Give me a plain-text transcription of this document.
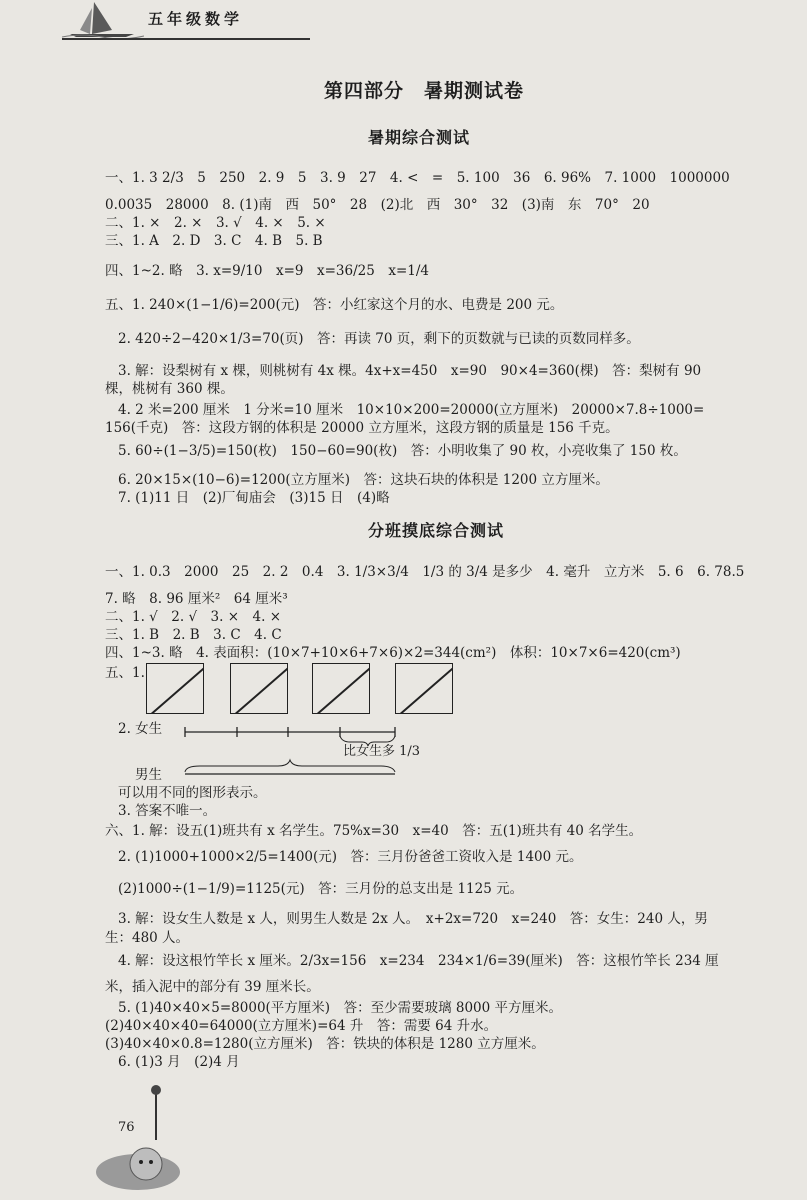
五年级数学
第四部分　暑期测试卷
暑期综合测试
一、1. 3 2/3　5　250　2. 9　5　3. 9　27　4. <　=　5. 100　36　6. 96%　7. 1000　1000000
0.0035　28000　8. (1)南　西　50°　28　(2)北　西　30°　32　(3)南　东　70°　20
二、1. ×　2. ×　3. √　4. ×　5. ×
三、1. A　2. D　3. C　4. B　5. B
四、1~2. 略　3. x=9/10　x=9　x=36/25　x=1/4
五、1. 240×(1−1/6)=200(元)　答：小红家这个月的水、电费是 200 元。
2. 420÷2−420×1/3=70(页)　答：再读 70 页，剩下的页数就与已读的页数同样多。
3. 解：设梨树有 x 棵，则桃树有 4x 棵。4x+x=450　x=90　90×4=360(棵)　答：梨树有 90
棵，桃树有 360 棵。
4. 2 米=200 厘米　1 分米=10 厘米　10×10×200=20000(立方厘米)　20000×7.8÷1000=
156(千克)　答：这段方钢的体积是 20000 立方厘米，这段方钢的质量是 156 千克。
5. 60÷(1−3/5)=150(枚)　150−60=90(枚)　答：小明收集了 90 枚，小亮收集了 150 枚。
6. 20×15×(10−6)=1200(立方厘米)　答：这块石块的体积是 1200 立方厘米。
7. (1)11 日　(2)厂甸庙会　(3)15 日　(4)略
分班摸底综合测试
一、1. 0.3　2000　25　2. 2　0.4　3. 1/3×3/4　1/3 的 3/4 是多少　4. 毫升　立方米　5. 6　6. 78.5
7. 略　8. 96 厘米²　64 厘米³
二、1. √　2. √　3. ×　4. ×
三、1. B　2. B　3. C　4. C
四、1~3. 略　4. 表面积：(10×7+10×6+7×6)×2=344(cm²)　体积：10×7×6=420(cm³)
五、1.
2. 女生
比女生多 1/3
男生
可以用不同的图形表示。
3. 答案不唯一。
六、1. 解：设五(1)班共有 x 名学生。75%x=30　x=40　答：五(1)班共有 40 名学生。
2. (1)1000+1000×2/5=1400(元)　答：三月份爸爸工资收入是 1400 元。
(2)1000÷(1−1/9)=1125(元)　答：三月份的总支出是 1125 元。
3. 解：设女生人数是 x 人，则男生人数是 2x 人。　x+2x=720　x=240　答：女生：240 人，男
生：480 人。
4. 解：设这根竹竿长 x 厘米。2/3x=156　x=234　234×1/6=39(厘米)　答：这根竹竿长 234 厘
米，插入泥中的部分有 39 厘米长。
5. (1)40×40×5=8000(平方厘米)　答：至少需要玻璃 8000 平方厘米。
(2)40×40×40=64000(立方厘米)=64 升　答：需要 64 升水。
(3)40×40×0.8=1280(立方厘米)　答：铁块的体积是 1280 立方厘米。
6. (1)3 月　(2)4 月
76
